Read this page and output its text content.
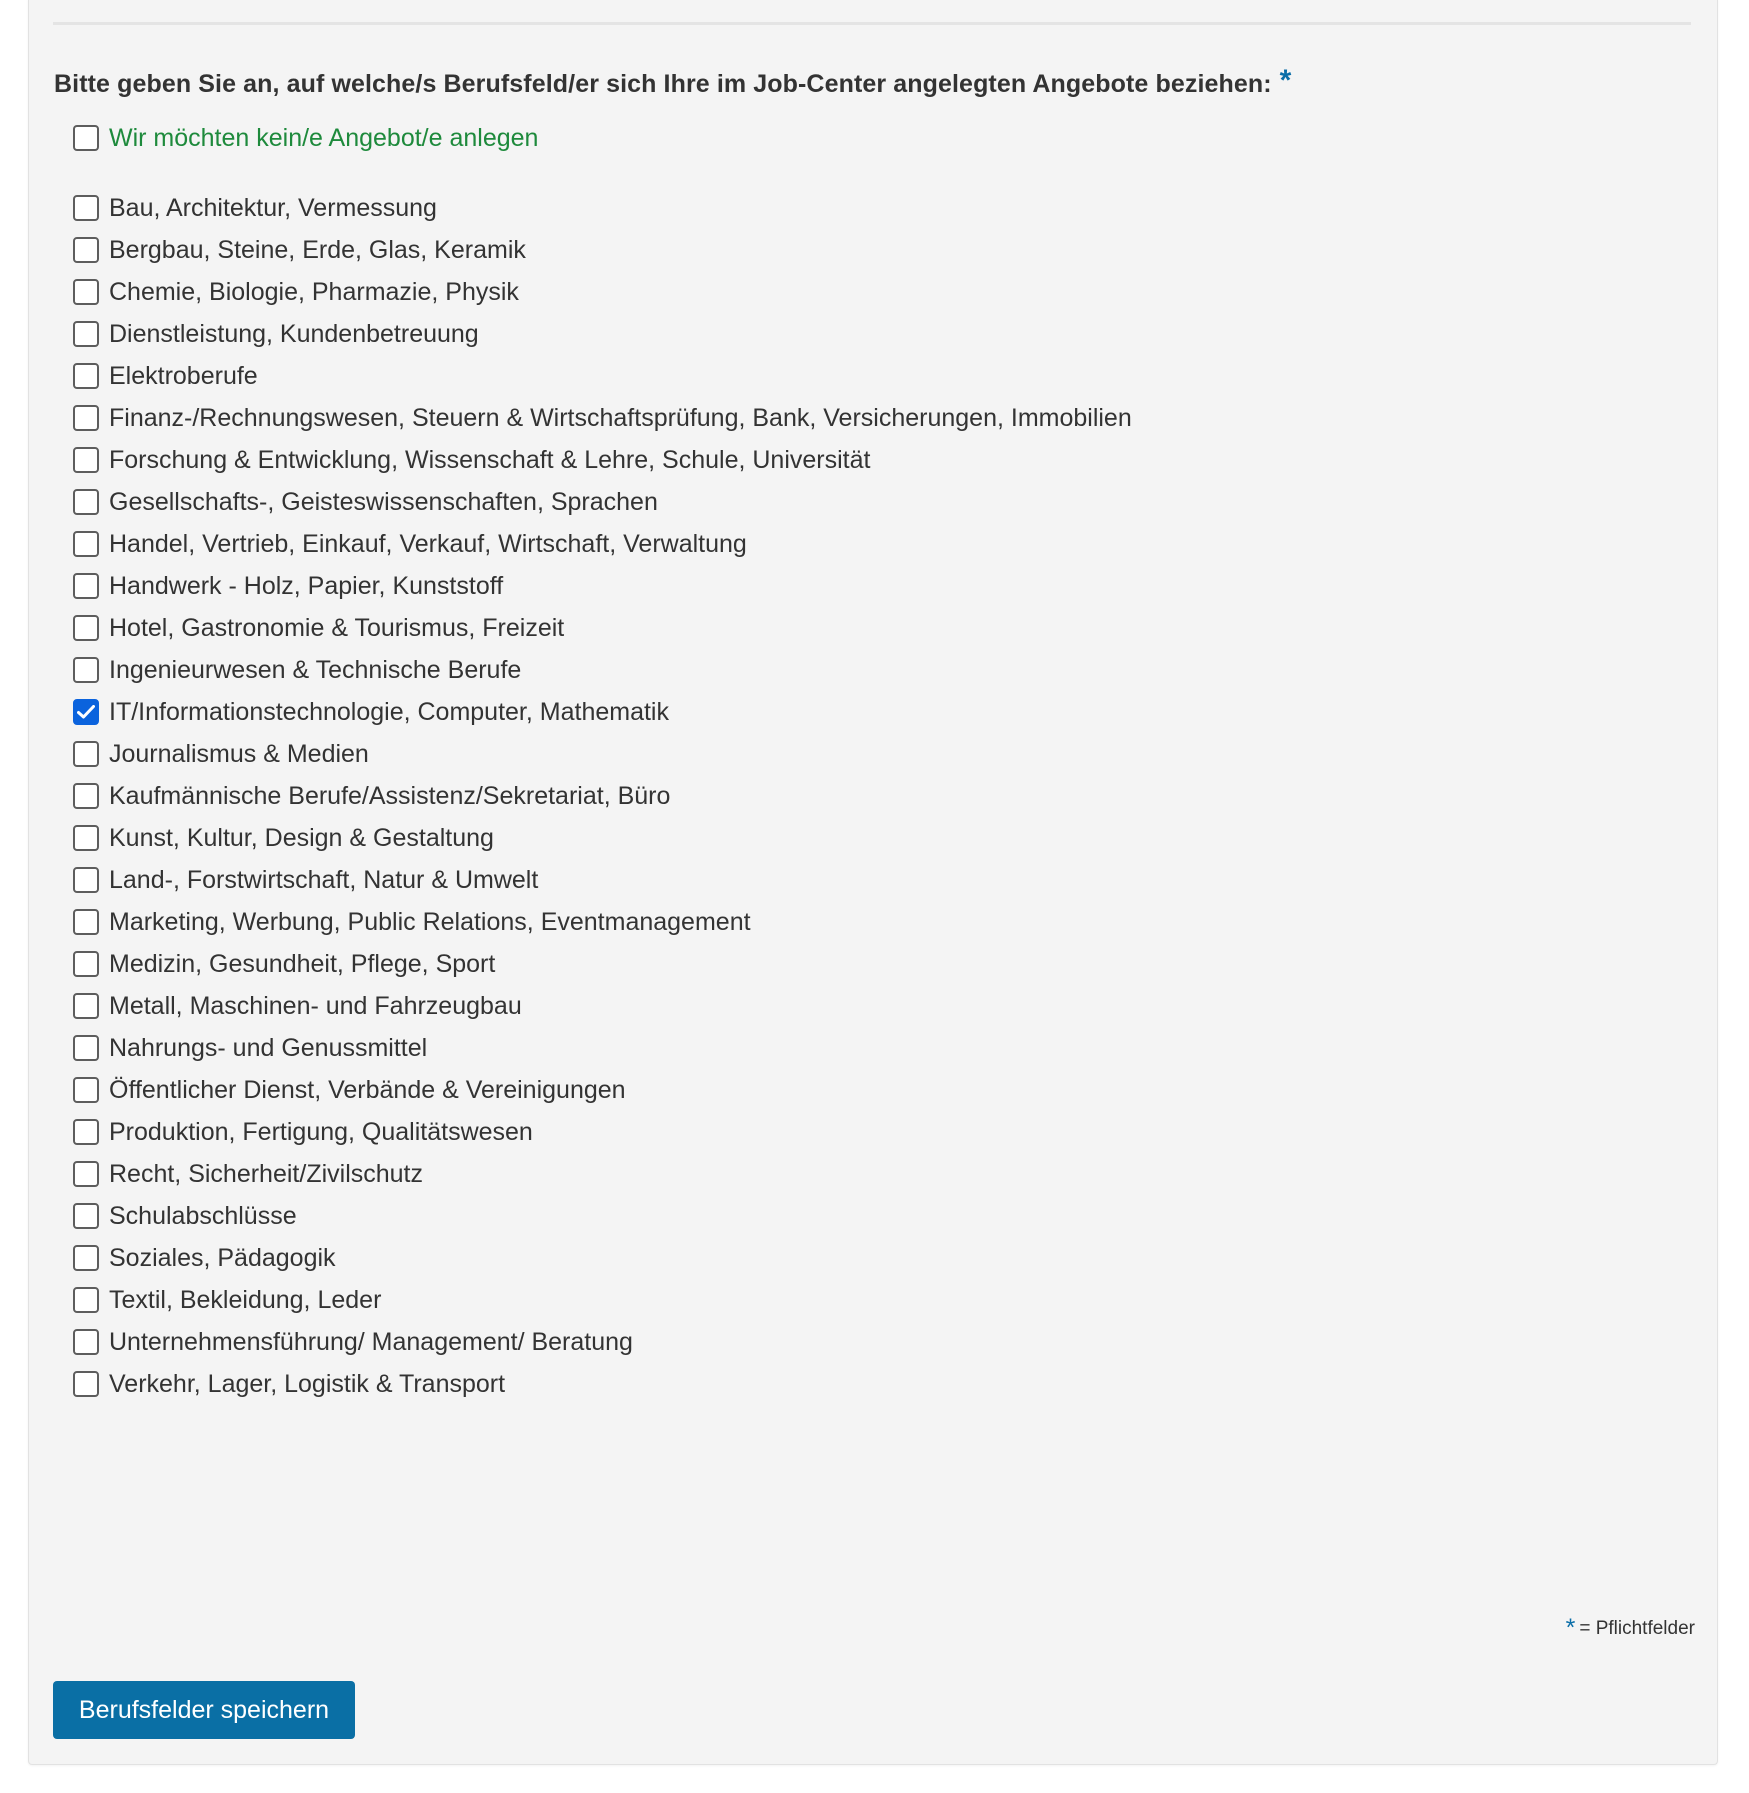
Bitte geben Sie an, auf welche/s Berufsfeld/er sich Ihre im Job-Center angelegten Angebote beziehen: *
Wir möchten kein/e Angebot/e anlegen
Bau, Architektur, Vermessung
Bergbau, Steine, Erde, Glas, Keramik
Chemie, Biologie, Pharmazie, Physik
Dienstleistung, Kundenbetreuung
Elektroberufe
Finanz-/Rechnungswesen, Steuern & Wirtschaftsprüfung, Bank, Versicherungen, Immobilien
Forschung & Entwicklung, Wissenschaft & Lehre, Schule, Universität
Gesellschafts-, Geisteswissenschaften, Sprachen
Handel, Vertrieb, Einkauf, Verkauf, Wirtschaft, Verwaltung
Handwerk - Holz, Papier, Kunststoff
Hotel, Gastronomie & Tourismus, Freizeit
Ingenieurwesen & Technische Berufe
IT/Informationstechnologie, Computer, Mathematik
Journalismus & Medien
Kaufmännische Berufe/Assistenz/Sekretariat, Büro
Kunst, Kultur, Design & Gestaltung
Land-, Forstwirtschaft, Natur & Umwelt
Marketing, Werbung, Public Relations, Eventmanagement
Medizin, Gesundheit, Pflege, Sport
Metall, Maschinen- und Fahrzeugbau
Nahrungs- und Genussmittel
Öffentlicher Dienst, Verbände & Vereinigungen
Produktion, Fertigung, Qualitätswesen
Recht, Sicherheit/Zivilschutz
Schulabschlüsse
Soziales, Pädagogik
Textil, Bekleidung, Leder
Unternehmensführung/ Management/ Beratung
Verkehr, Lager, Logistik & Transport
* = Pflichtfelder
Berufsfelder speichern
